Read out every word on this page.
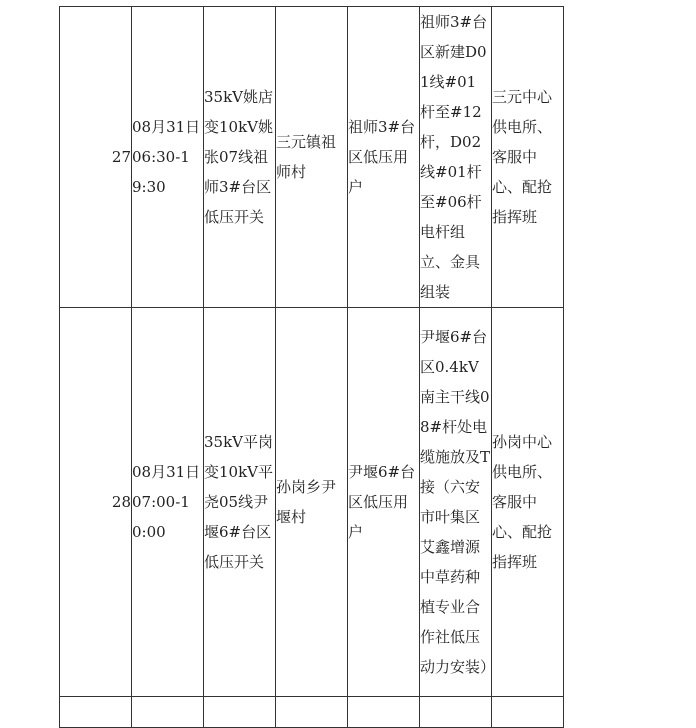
27	08月31日06:30-19:30	35kV姚店变10kV姚张07线祖师3#台区低压开关	三元镇祖师村	祖师3#台区低压用户	祖师3#台区新建D01线#01杆至#12杆，D02线#01杆至#06杆电杆组立、金具组装	三元中心供电所、客服中心、配抢指挥班
28	08月31日07:00-10:00	35kV平岗变10kV平尧05线尹堰6#台区低压开关	孙岗乡尹堰村	尹堰6#台区低压用户	尹堰6#台区0.4kV南主干线08#杆处电缆施放及T接（六安市叶集区艾鑫增源中草药种植专业合作社低压动力安装）	孙岗中心供电所、客服中心、配抢指挥班
